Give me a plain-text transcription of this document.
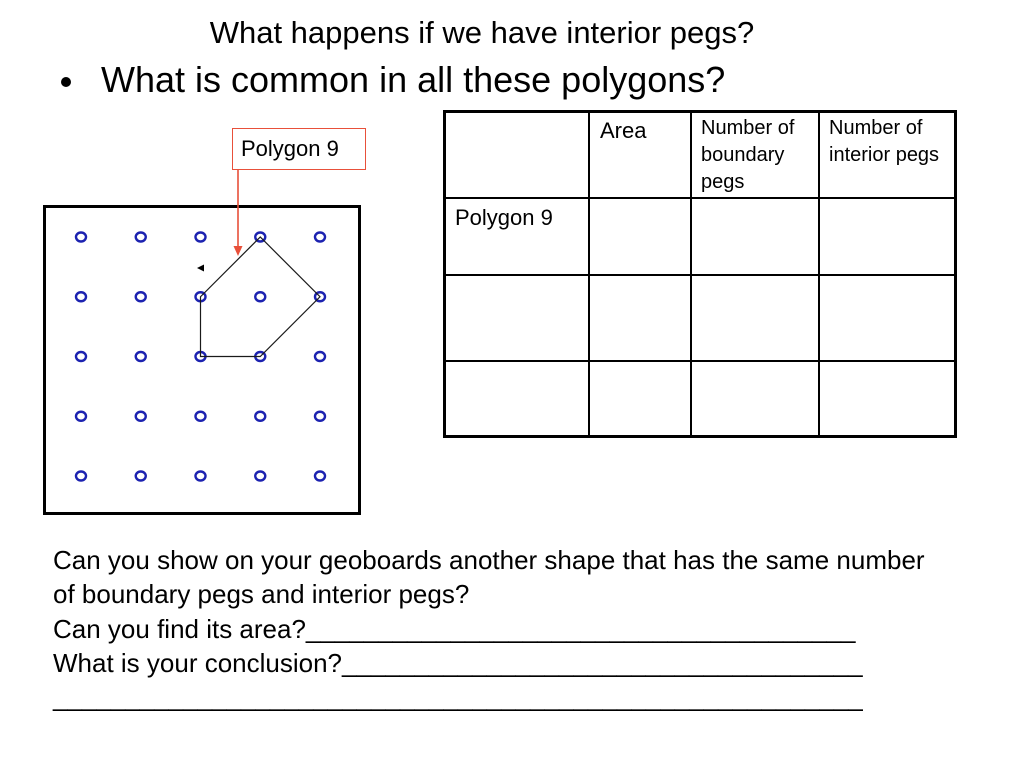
What happens if we have interior pegs?
What is common in all these polygons?
Polygon 9
Area	Number of boundary pegs
Number of interior pegs
Polygon 9
Can you show on your geoboards another shape that has the same number
of boundary pegs and interior pegs?
Can you find its area?______________________________________
What is your conclusion?____________________________________
________________________________________________________
